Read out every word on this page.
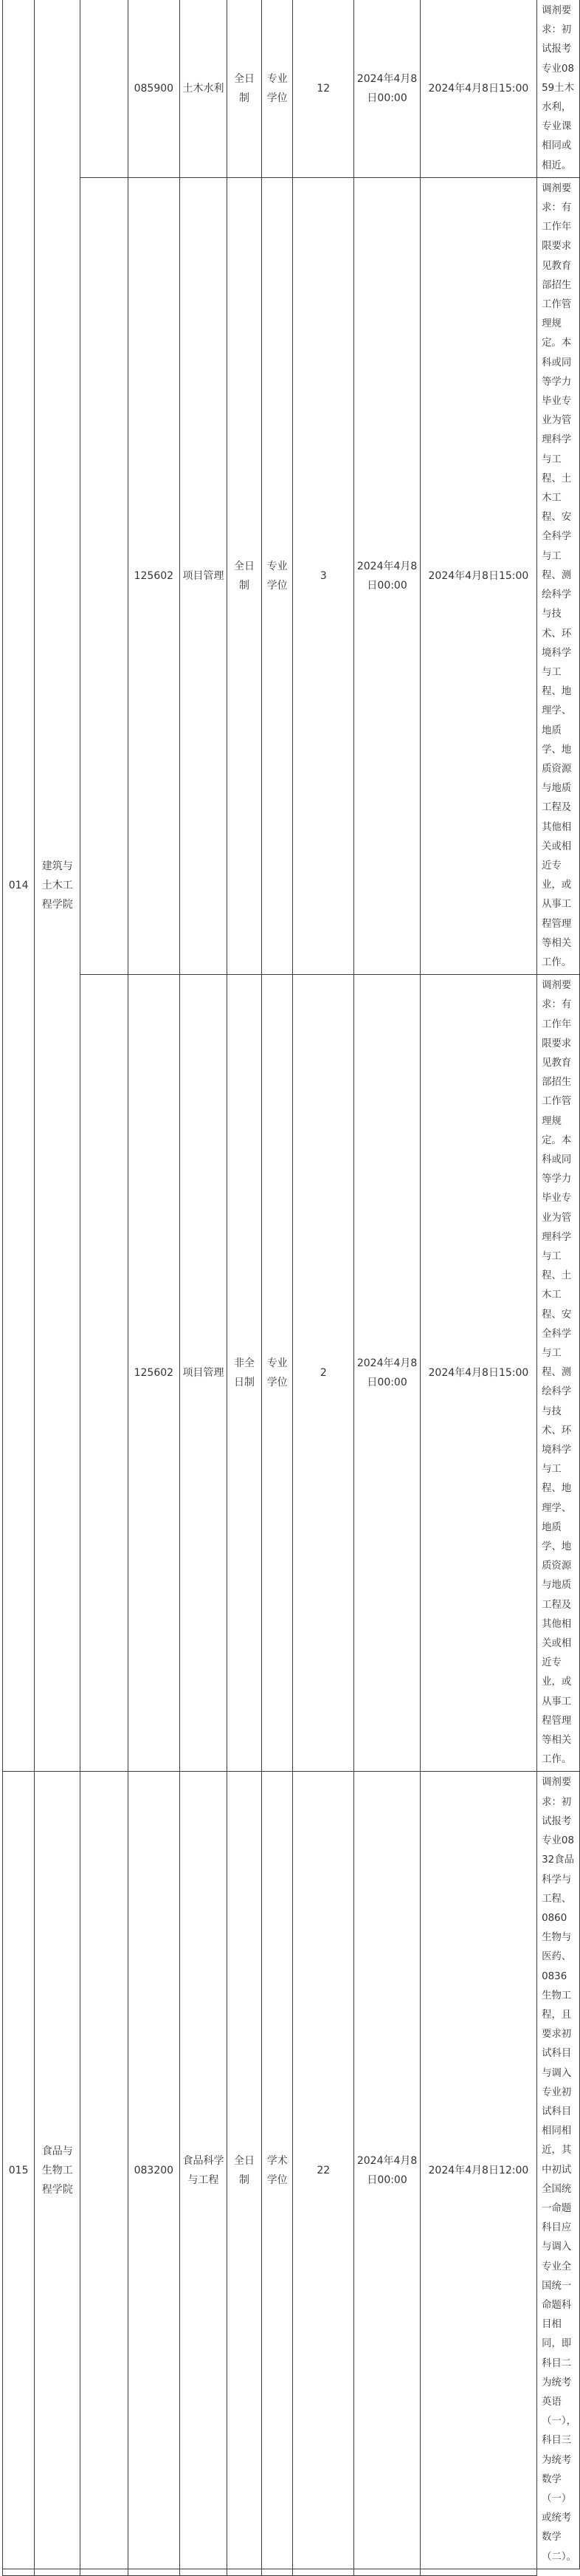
014	建筑与土木工程学院		085900	土木水利	全日制	专业学位	12	2024年4月8日00:00	2024年4月8日15:00	调剂要求：初试报考专业0859土木水利，专业课相同或相近。
			125602	项目管理	全日制	专业学位	3	2024年4月8日00:00	2024年4月8日15:00	调剂要求：有工作年限要求见教育部招生工作管理规定。本科或同等学力毕业专业为管理科学与工程、土木工程、安全科学与工程、测绘科学与技术、环境科学与工程、地理学、地质学、地质资源与地质工程及其他相关或相近专业，或从事工程管理等相关工作。
			125602	项目管理	非全日制	专业学位	2	2024年4月8日00:00	2024年4月8日15:00	调剂要求：有工作年限要求见教育部招生工作管理规定。本科或同等学力毕业专业为管理科学与工程、土木工程、安全科学与工程、测绘科学与技术、环境科学与工程、地理学、地质学、地质资源与地质工程及其他相关或相近专业，或从事工程管理等相关工作。
015	食品与生物工程学院		083200	食品科学与工程	全日制	学术学位	22	2024年4月8日00:00	2024年4月8日12:00	调剂要求：初试报考专业0832食品科学与工程、0860生物与医药、0836生物工程，且要求初试科目与调入专业初试科目相同相近，其中初试全国统一命题科目应与调入专业全国统一命题科目相同，即科目二为统考英语（一），科目三为统考数学（一）或统考数学（二）。
